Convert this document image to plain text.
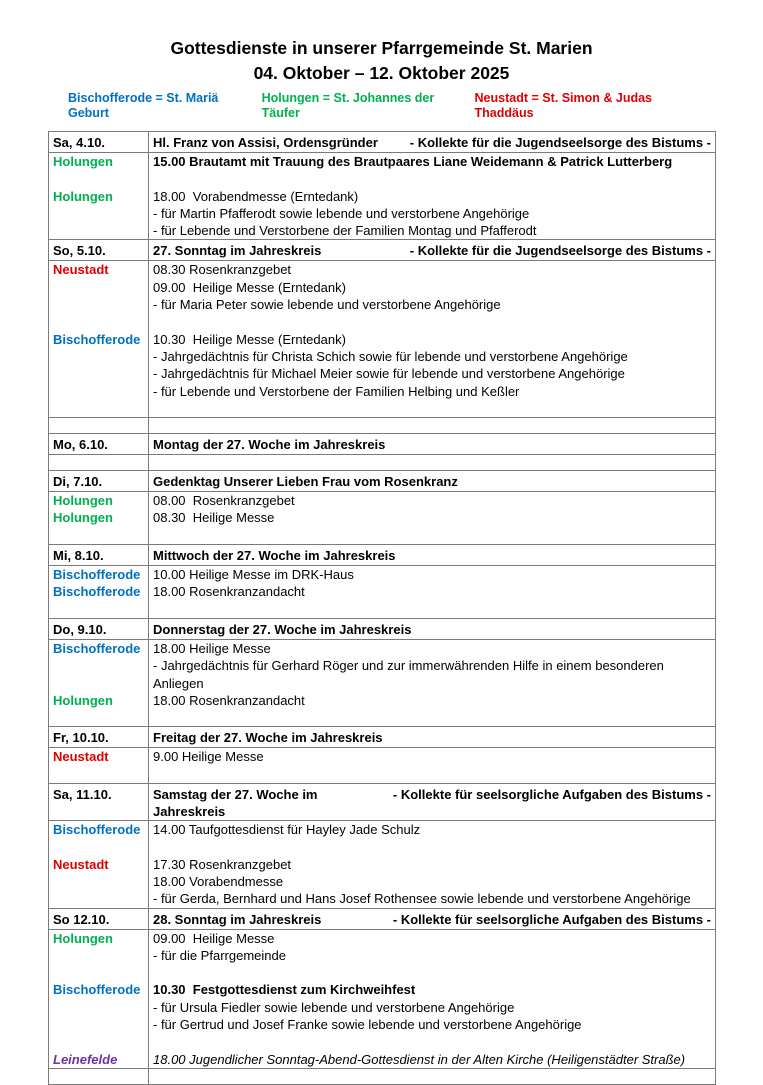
Gottesdienste in unserer Pfarrgemeinde St. Marien
04. Oktober – 12. Oktober 2025
Bischofferode = St. Mariä Geburt
Holungen = St. Johannes der Täufer
Neustadt = St. Simon & Judas Thaddäus
Sa, 4.10.	Hl. Franz von Assisi, Ordensgründer - Kollekte für die Jugendseelsorge des Bistums -
Holungen	15.00 Brautamt mit Trauung des Brautpaares Liane Weidemann & Patrick Lutterberg

Holungen	18.00  Vorabendmesse (Erntedank)

- für Martin Pfafferodt sowie lebende und verstorbene Angehörige

- für Lebende und Verstorbene der Familien Montag und Pfafferodt
So, 5.10.	27. Sonntag im Jahreskreis	- Kollekte für die Jugendseelsorge des Bistums -
Neustadt	08.30 Rosenkranzgebet

09.00  Heilige Messe (Erntedank)

- für Maria Peter sowie lebende und verstorbene Angehörige

Bischofferode 10.30  Heilige Messe (Erntedank)

- Jahrgedächtnis für Christa Schich sowie für lebende und verstorbene Angehörige

- Jahrgedächtnis für Michael Meier sowie für lebende und verstorbene Angehörige

- für Lebende und Verstorbene der Familien Helbing und Keßler

Mo, 6.10.	Montag der 27. Woche im Jahreskreis

Di, 7.10.	Gedenktag Unserer Lieben Frau vom Rosenkranz
Holungen	08.00  Rosenkranzgebet
Holungen	08.30  Heilige Messe

Mi, 8.10.	Mittwoch der 27. Woche im Jahreskreis
Bischofferode 10.00 Heilige Messe im DRK-Haus
Bischofferode 18.00 Rosenkranzandacht

Do, 9.10.	Donnerstag der 27. Woche im Jahreskreis
Bischofferode 18.00 Heilige Messe

- Jahrgedächtnis für Gerhard Röger und zur immerwährenden Hilfe in einem besonderen Anliegen
Holungen	18.00 Rosenkranzandacht

Fr, 10.10.	Freitag der 27. Woche im Jahreskreis
Neustadt	9.00 Heilige Messe

Sa, 11.10.	Samstag der 27. Woche im Jahreskreis
- Kollekte für seelsorgliche Aufgaben des Bistums -
Bischofferode 14.00 Taufgottesdienst für Hayley Jade Schulz

Neustadt	17.30 Rosenkranzgebet

18.00 Vorabendmesse

- für Gerda, Bernhard und Hans Josef Rothensee sowie lebende und verstorbene Angehörige
So 12.10.	28. Sonntag im Jahreskreis	- Kollekte für seelsorgliche Aufgaben des Bistums -
Holungen	09.00  Heilige Messe

- für die Pfarrgemeinde

Bischofferode 10.30  Festgottesdienst zum Kirchweihfest

- für Ursula Fiedler sowie lebende und verstorbene Angehörige

- für Gertrud und Josef Franke sowie lebende und verstorbene Angehörige

Leinefelde	18.00 Jugendlicher Sonntag-Abend-Gottesdienst in der Alten Kirche (Heiligenstädter Straße)
